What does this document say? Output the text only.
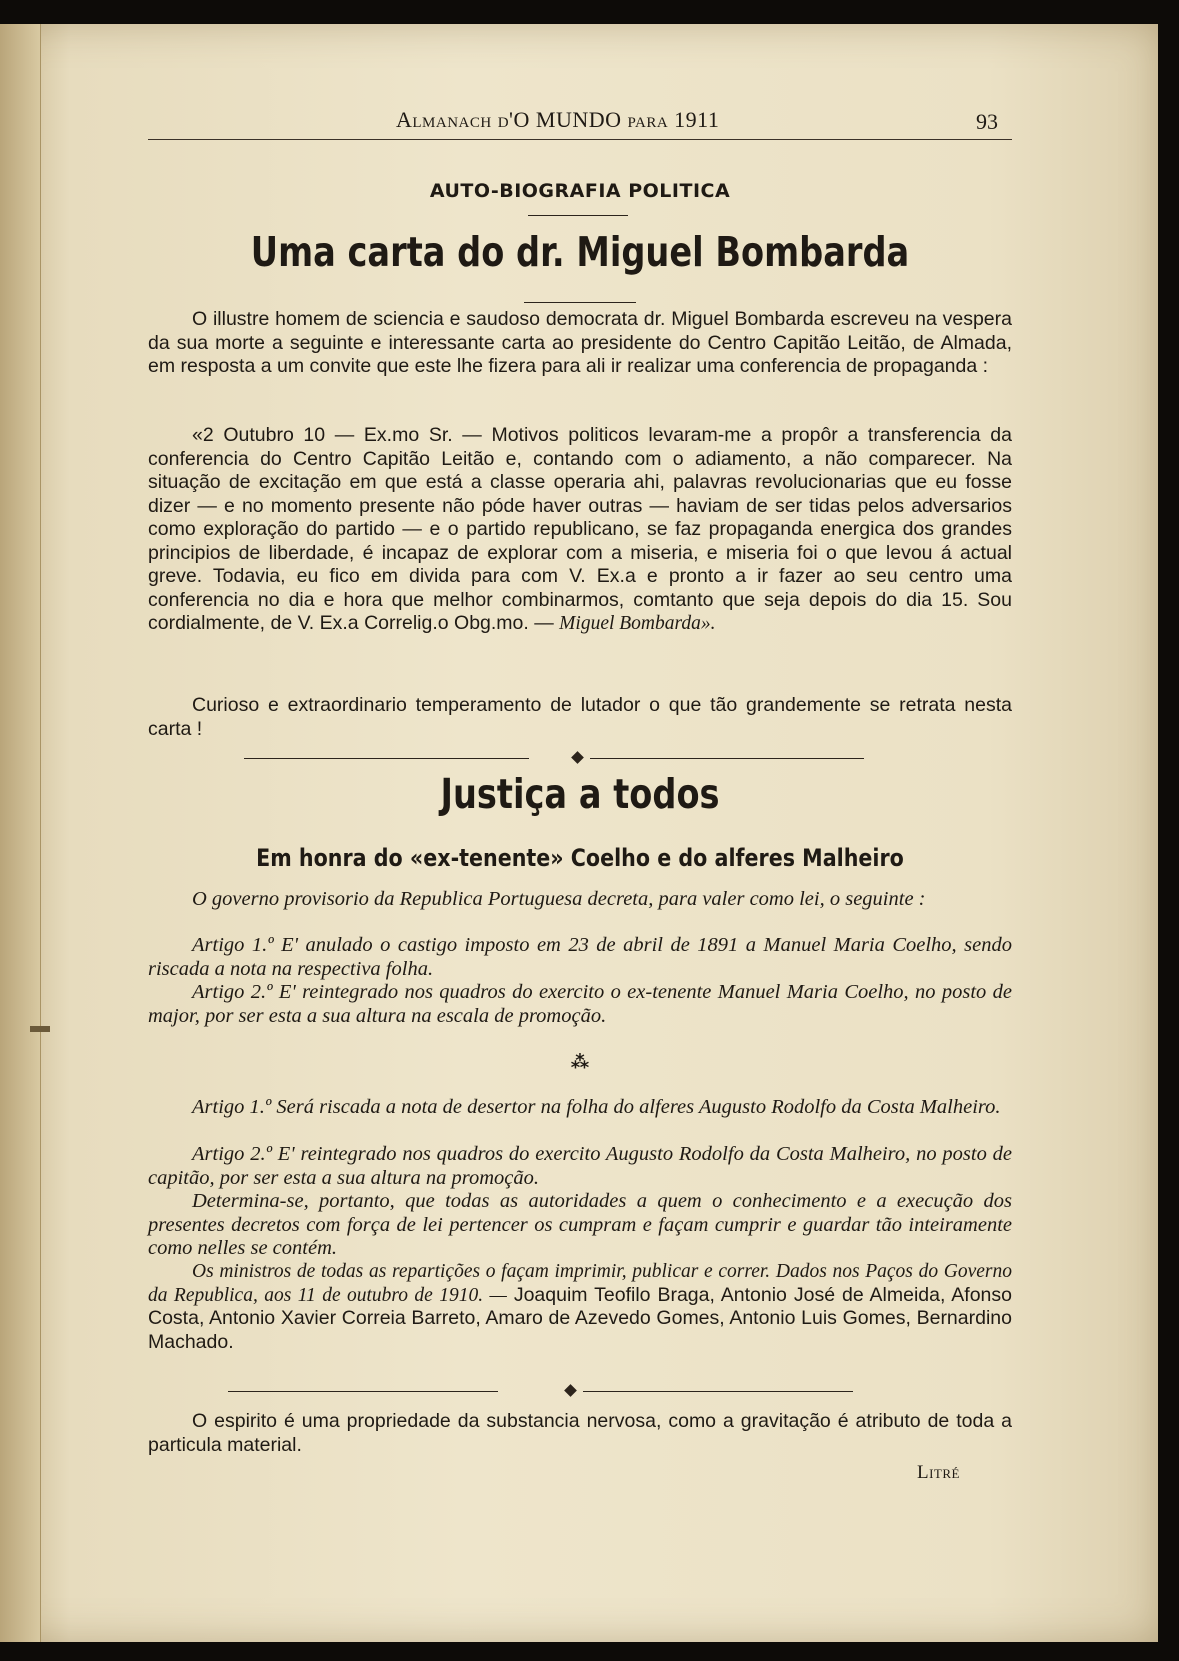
Almanach d'O MUNDO para 1911	93
AUTO-BIOGRAFIA POLITICA
Uma carta do dr. Miguel Bombarda

O illustre homem de sciencia e saudoso democrata dr. Miguel Bombarda escreveu na vespera da sua morte a seguinte e interessante carta ao presidente do Centro Capitão Leitão, de Almada, em resposta a um convite que este lhe fizera para ali ir realizar uma conferencia de propaganda :

«2 Outubro 10 — Ex.mo Sr. — Motivos politicos levaram-me a propôr a transferencia da conferencia do Centro Capitão Leitão e, contando com o adiamento, a não comparecer. Na situação de excitação em que está a classe operaria ahi, palavras revolucionarias que eu fosse dizer — e no momento presente não póde haver outras — haviam de ser tidas pelos adversarios como exploração do partido — e o partido republicano, se faz propaganda energica dos grandes principios de liberdade, é incapaz de explorar com a miseria, e miseria foi o que levou á actual greve. Todavia, eu fico em divida para com V. Ex.a e pronto a ir fazer ao seu centro uma conferencia no dia e hora que melhor combinarmos, comtanto que seja depois do dia 15. Sou cordialmente, de V. Ex.a Correlig.o Obg.mo. — Miguel Bombarda».

Curioso e extraordinario temperamento de lutador o que tão grandemente se retrata nesta carta !

Justiça a todos
Em honra do «ex-tenente» Coelho e do alferes Malheiro

O governo provisorio da Republica Portuguesa decreta, para valer como lei, o seguinte :

Artigo 1.º E' anulado o castigo imposto em 23 de abril de 1891 a Manuel Maria Coelho, sendo riscada a nota na respectiva folha.

Artigo 2.º E' reintegrado nos quadros do exercito o ex-tenente Manuel Maria Coelho, no posto de major, por ser esta a sua altura na escala de promoção.

⁂

Artigo 1.º Será riscada a nota de desertor na folha do alferes Augusto Rodolfo da Costa Malheiro.

Artigo 2.º E' reintegrado nos quadros do exercito Augusto Rodolfo da Costa Malheiro, no posto de capitão, por ser esta a sua altura na promoção.

Determina-se, portanto, que todas as autoridades a quem o conhecimento e a execução dos presentes decretos com força de lei pertencer os cumpram e façam cumprir e guardar tão inteiramente como nelles se contém.

Os ministros de todas as repartições o façam imprimir, publicar e correr. Dados nos Paços do Governo da Republica, aos 11 de outubro de 1910. — Joaquim Teofilo Braga, Antonio José de Almeida, Afonso Costa, Antonio Xavier Correia Barreto, Amaro de Azevedo Gomes, Antonio Luis Gomes, Bernardino Machado.

O espirito é uma propriedade da substancia nervosa, como a gravitação é atributo de toda a particula material.

Litré
